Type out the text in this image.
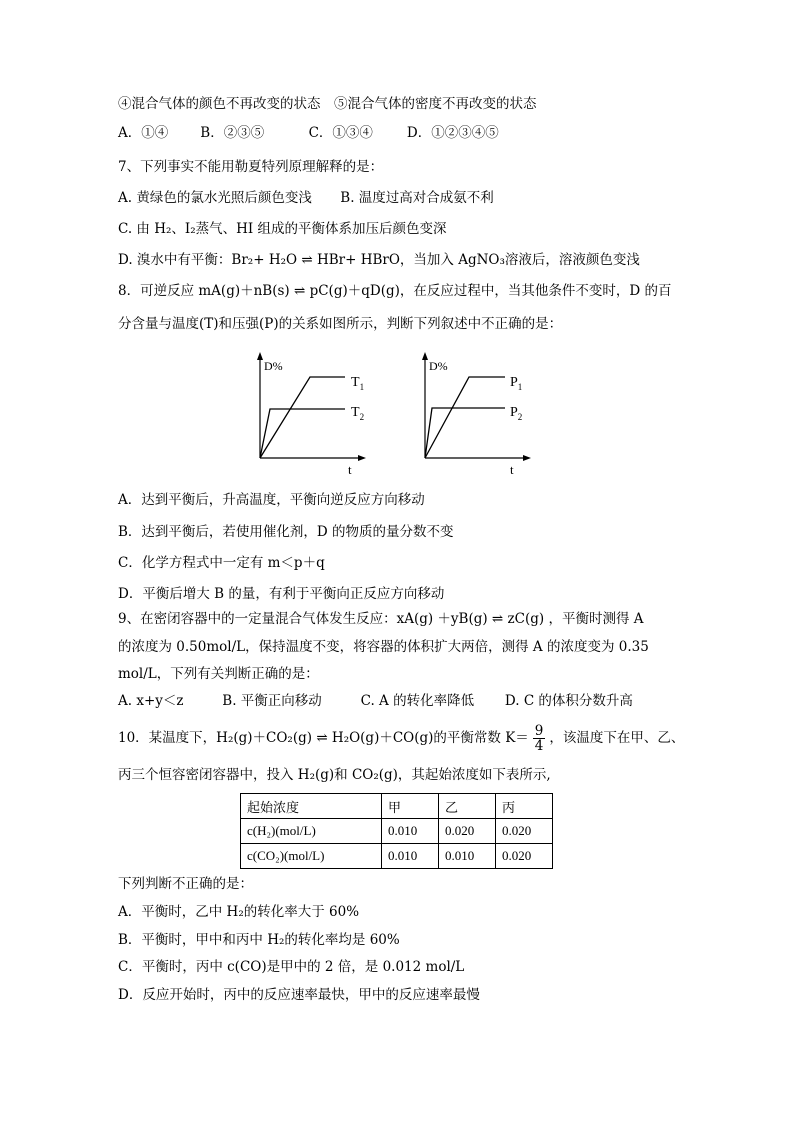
④混合气体的颜色不再改变的状态　⑤混合气体的密度不再改变的状态
A．①④ B．②③⑤	C．①③④	D．①②③④⑤
7、下列事实不能用勒夏特列原理解释的是：
A. 黄绿色的氯水光照后颜色变浅 B. 温度过高对合成氨不利
C. 由 H₂、I₂蒸气、HI 组成的平衡体系加压后颜色变深
D. 溴水中有平衡：Br₂+ H₂O ⇌ HBr+ HBrO，当加入 AgNO₃溶液后，溶液颜色变浅
8．可逆反应 mA(g)＋nB(s) ⇌ pC(g)＋qD(g)，在反应过程中，当其他条件不变时，D 的百
分含量与温度(T)和压强(P)的关系如图所示，判断下列叙述中不正确的是：
D%
t
$T_1$
$T_2$
D%
t
$P_1$
$P_2$
A．达到平衡后，升高温度，平衡向逆反应方向移动
B．达到平衡后，若使用催化剂，D 的物质的量分数不变
C．化学方程式中一定有 m＜p＋q
D．平衡后增大 B 的量，有利于平衡向正反应方向移动
9、在密闭容器中的一定量混合气体发生反应：xA(g) ＋yB(g) ⇌ zC(g) ，平衡时测得 A
的浓度为 0.50mol/L，保持温度不变，将容器的体积扩大两倍，测得 A 的浓度变为 0.35
mol/L，下列有关判断正确的是：
A. x+y＜z	B. 平衡正向移动	C. A 的转化率降低 D. C 的体积分数升高
10．某温度下，H₂(g)＋CO₂(g) ⇌ H₂O(g)＋CO(g)的平衡常数 $K= \frac{9}{4}$ ，该温度下在甲、乙、
丙三个恒容密闭容器中，投入 H₂(g)和 CO₂(g)，其起始浓度如下表所示,
起始浓度	甲	乙	丙
c(H₂)(mol/L)	0.010	0.020	0.020
c(CO₂)(mol/L)	0.010	0.010	0.020
下列判断不正确的是：
A．平衡时，乙中 H₂的转化率大于 60%
B．平衡时，甲中和丙中 H₂的转化率均是 60%
C．平衡时，丙中 c(CO)是甲中的 2 倍，是 0.012 mol/L
D．反应开始时，丙中的反应速率最快，甲中的反应速率最慢
